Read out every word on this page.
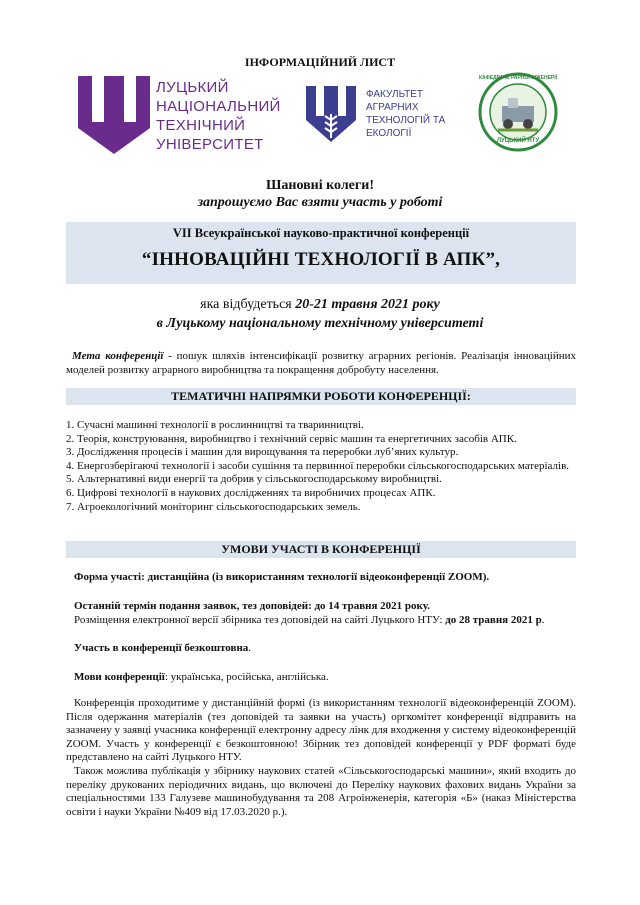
ІНФОРМАЦІЙНИЙ ЛИСТ
ЛУЦЬКИЙ
НАЦІОНАЛЬНИЙ
ТЕХНІЧНИЙ
УНІВЕРСИТЕТ
ФАКУЛЬТЕТ
АГРАРНИХ
ТЕХНОЛОГІЙ ТА
ЕКОЛОГІЇ
КАФЕДРА АГРАРНОЇ ІНЖЕНЕРІЇ
ЛУЦЬКИЙ НТУ
Шановні колеги!
запрошуємо Вас взяти участь у роботі
VII Всеукраїнської науково-практичної конференції
“ІННОВАЦІЙНІ ТЕХНОЛОГІЇ В АПК”,
яка відбудеться 20-21 травня 2021 року
в Луцькому національному технічному університеті

Мета конференції - пошук шляхів інтенсифікації розвитку аграрних регіонів. Реалізація інноваційних моделей розвитку аграрного виробництва та покращення добробуту населення.

ТЕМАТИЧНІ НАПРЯМКИ РОБОТИ КОНФЕРЕНЦІЇ:

1. Сучасні машинні технології в рослинництві та тваринництві.

2. Теорія, конструювання, виробництво і технічний сервіс машин та енергетичних засобів АПК.

3. Дослідження процесів і машин для вирощування та переробки луб’яних культур.

4. Енергозберігаючі технології і засоби сушіння та первинної переробки сільськогосподарських матеріалів.

5. Альтернативні види енергії та добрив у сільськогосподарському виробництві.

6. Цифрові технології в наукових дослідженнях та виробничих процесах АПК.

7. Агроекологічний моніторинг сільськогосподарських земель.

УМОВИ УЧАСТІ В КОНФЕРЕНЦІЇ

Форма участі: дистанційна (із використанням технології відеоконференції ZOOM).

Останній термін подання заявок, тез доповідей: до 14 травня 2021 року.

Розміщення електронної версії збірника тез доповідей на сайті Луцького НТУ: до 28 травня 2021 р.

Участь в конференції безкоштовна.

Мови конференції: українська, російська, англійська.

Конференція проходитиме у дистанційній формі (із використанням технології відеоконференцій ZOOM). Після одержання матеріалів (тез доповідей та заявки на участь) оргкомітет конференції відправить на зазначену у заявці учасника конференції електронну адресу лінк для входження у систему відеоконференцій ZOOM. Участь у конференції є безкоштовною! Збірник тез доповідей конференції у PDF форматі буде представлено на сайті Луцького НТУ.

Також можлива публікація у збірнику наукових статей «Сільськогосподарські машини», який входить до переліку друкованих періодичних видань, що включені до Переліку наукових фахових видань України за спеціальностями 133 Галузеве машинобудування та 208 Агроінженерія, категорія «Б» (наказ Міністерства освіти і науки України №409 від 17.03.2020 р.).
